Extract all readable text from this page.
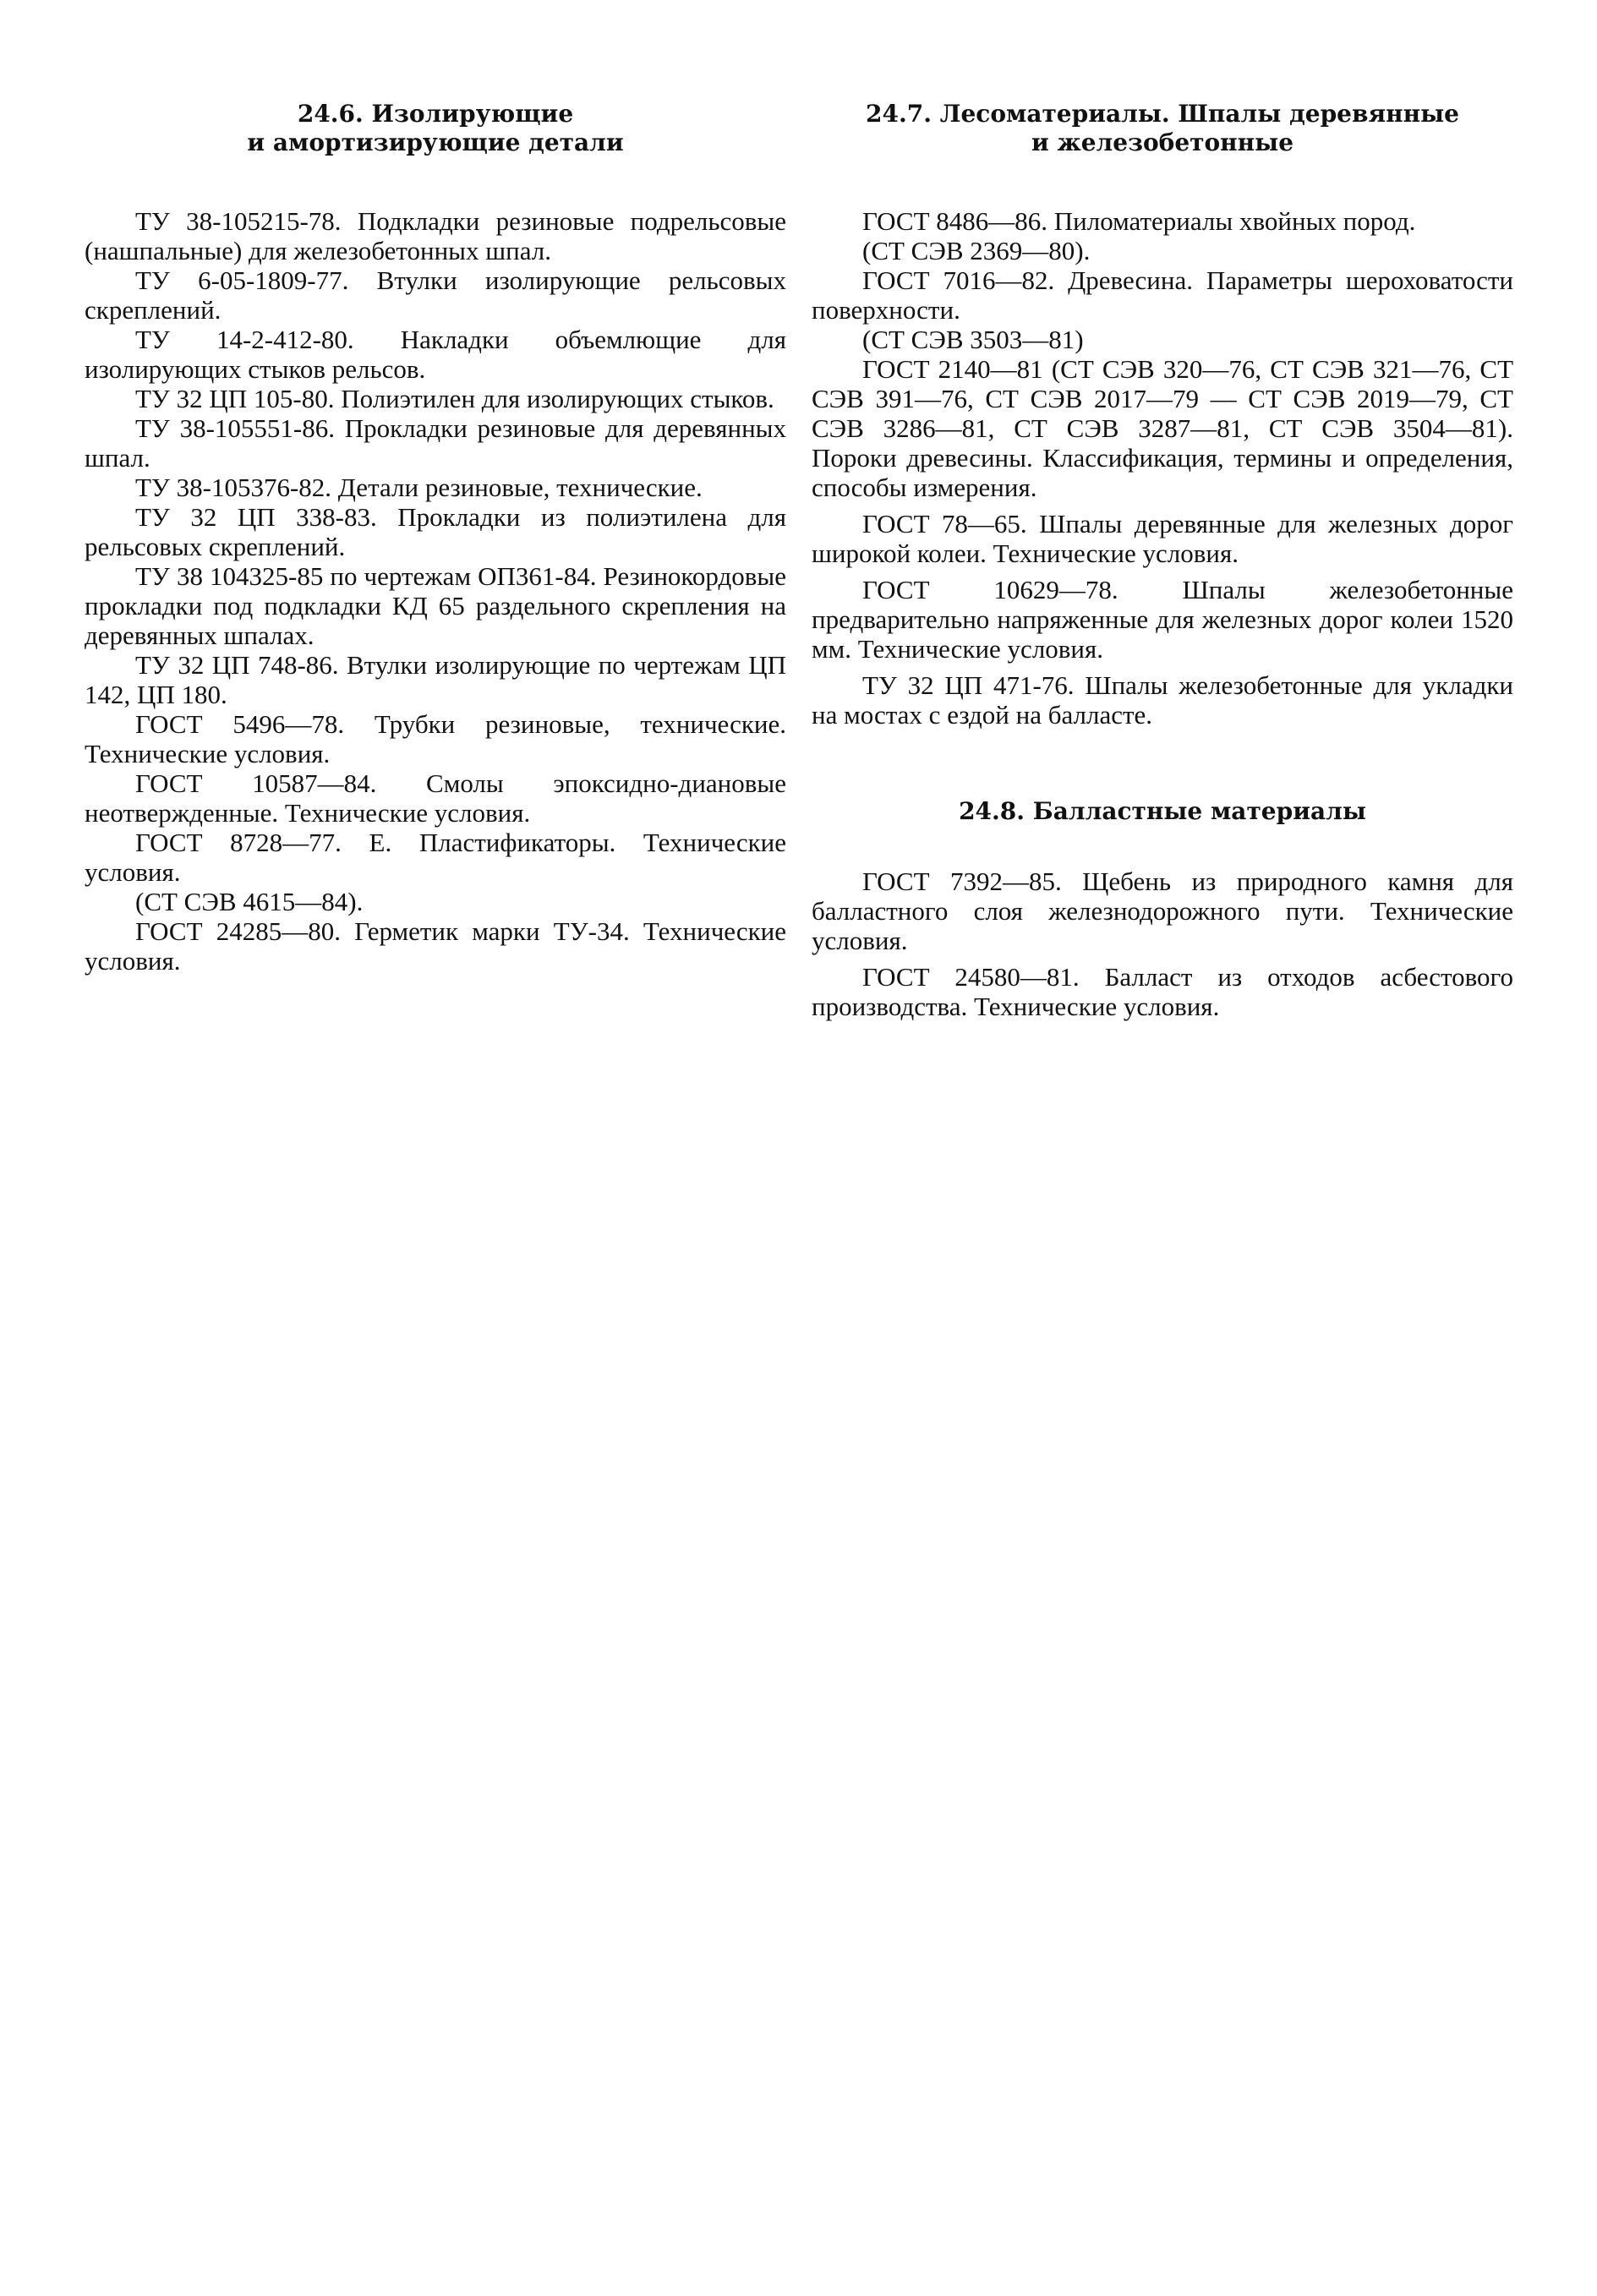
24.6. Изолирующие
и амортизирующие детали

ТУ 38-105215-78. Подкладки резиновые подрельсовые (нашпальные) для железобетонных шпал.

ТУ 6-05-1809-77. Втулки изолирующие рельсовых скреплений.

ТУ 14-2-412-80. Накладки объемлющие для изолирующих стыков рельсов.

ТУ 32 ЦП 105-80. Полиэтилен для изолирующих стыков.

ТУ 38-105551-86. Прокладки резиновые для деревянных шпал.

ТУ 38-105376-82. Детали резиновые, технические.

ТУ 32 ЦП 338-83. Прокладки из полиэтилена для рельсовых скреплений.

ТУ 38 104325-85 по чертежам ОП361-84. Резинокордовые прокладки под подкладки КД 65 раздельного скрепления на деревянных шпалах.

ТУ 32 ЦП 748-86. Втулки изолирующие по чертежам ЦП 142, ЦП 180.

ГОСТ 5496—78. Трубки резиновые, технические. Технические условия.

ГОСТ 10587—84. Смолы эпоксидно-диановые неотвержденные. Технические условия.

ГОСТ 8728—77. Е. Пластификаторы. Технические условия.

(СТ СЭВ 4615—84).

ГОСТ 24285—80. Герметик марки ТУ-34. Технические условия.

24.7. Лесоматериалы. Шпалы деревянные
и железобетонные

ГОСТ 8486—86. Пиломатериалы хвойных пород.

(СТ СЭВ 2369—80).

ГОСТ 7016—82. Древесина. Параметры шероховатости поверхности.

(СТ СЭВ 3503—81)

ГОСТ 2140—81 (СТ СЭВ 320—76, СТ СЭВ 321—76, СТ СЭВ 391—76, СТ СЭВ 2017—79 — СТ СЭВ 2019—79, СТ СЭВ 3286—81, СТ СЭВ 3287—81, СТ СЭВ 3504—81). Пороки древесины. Классификация, термины и определения, способы измерения.

ГОСТ 78—65. Шпалы деревянные для железных дорог широкой колеи. Технические условия.

ГОСТ 10629—78. Шпалы железобетонные предварительно напряженные для железных дорог колеи 1520 мм. Технические условия.

ТУ 32 ЦП 471-76. Шпалы железобетонные для укладки на мостах с ездой на балласте.

24.8. Балластные материалы

ГОСТ 7392—85. Щебень из природного камня для балластного слоя железнодорожного пути. Технические условия.

ГОСТ 24580—81. Балласт из отходов асбестового производства. Технические условия.
